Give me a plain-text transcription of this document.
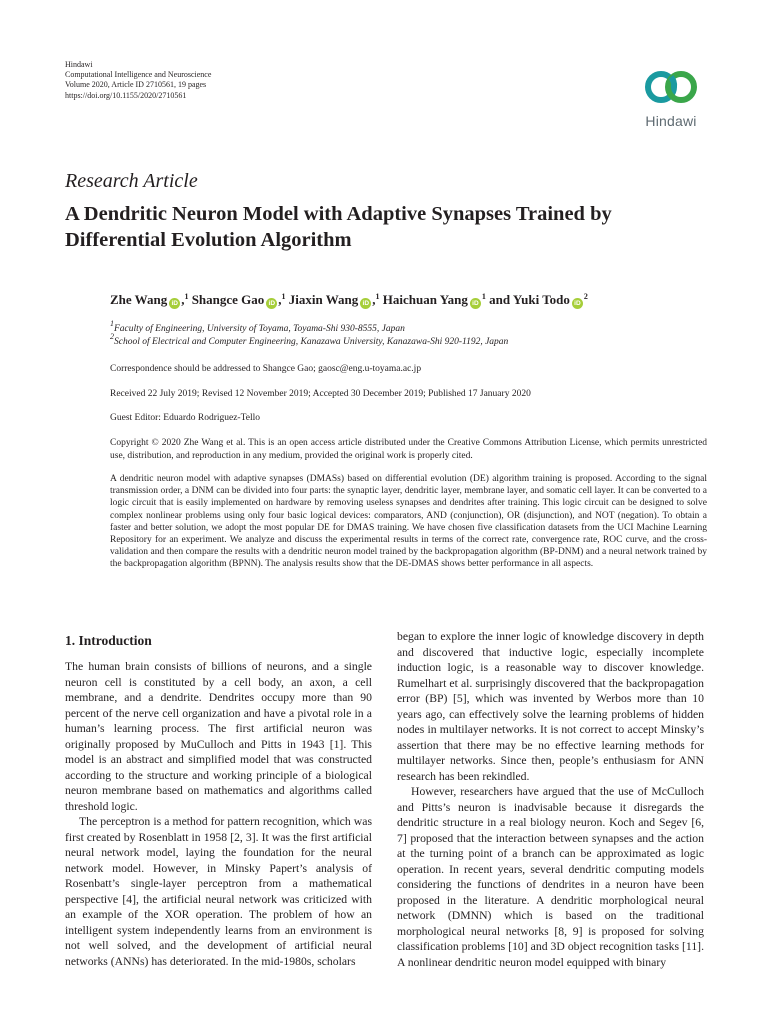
Hindawi
Computational Intelligence and Neuroscience
Volume 2020, Article ID 2710561, 19 pages
https://doi.org/10.1155/2020/2710561
Hindawi
Research Article
A Dendritic Neuron Model with Adaptive Synapses Trained by Differential Evolution Algorithm
Zhe Wang iD ,$^1$ Shangce Gao iD ,$^1$ Jiaxin Wang iD ,$^1$ Haichuan Yang $iD^1$ and Yuki Todo $iD^2$
$^1$Faculty of Engineering, University of Toyama, Toyama-Shi 930-8555, Japan
$^2$School of Electrical and Computer Engineering, Kanazawa University, Kanazawa-Shi 920-1192, Japan
Correspondence should be addressed to Shangce Gao; gaosc@eng.u-toyama.ac.jp
Received 22 July 2019; Revised 12 November 2019; Accepted 30 December 2019; Published 17 January 2020
Guest Editor: Eduardo Rodriguez-Tello
Copyright © 2020 Zhe Wang et al. This is an open access article distributed under the Creative Commons Attribution License, which permits unrestricted use, distribution, and reproduction in any medium, provided the original work is properly cited.
A dendritic neuron model with adaptive synapses (DMASs) based on differential evolution (DE) algorithm training is proposed. According to the signal transmission order, a DNM can be divided into four parts: the synaptic layer, dendritic layer, membrane layer, and somatic cell layer. It can be converted to a logic circuit that is easily implemented on hardware by removing useless synapses and dendrites after training. This logic circuit can be designed to solve complex nonlinear problems using only four basic logical devices: comparators, AND (conjunction), OR (disjunction), and NOT (negation). To obtain a faster and better solution, we adopt the most popular DE for DMAS training. We have chosen five classification datasets from the UCI Machine Learning Repository for an experiment. We analyze and discuss the experimental results in terms of the correct rate, convergence rate, ROC curve, and the cross-validation and then compare the results with a dendritic neuron model trained by the backpropagation algorithm (BP-DNM) and a neural network trained by the backpropagation algorithm (BPNN). The analysis results show that the DE-DMAS shows better performance in all aspects.
1. Introduction

The human brain consists of billions of neurons, and a single neuron cell is constituted by a cell body, an axon, a cell membrane, and a dendrite. Dendrites occupy more than 90 percent of the nerve cell organization and have a pivotal role in a human’s learning process. The first artificial neuron was originally proposed by MuCulloch and Pitts in 1943 [1]. This model is an abstract and simplified model that was constructed according to the structure and working principle of a biological neuron membrane based on mathematics and algorithms called threshold logic.

The perceptron is a method for pattern recognition, which was first created by Rosenblatt in 1958 [2, 3]. It was the first artificial neural network model, laying the foundation for the neural network model. However, in Minsky Papert’s analysis of Rosenbatt’s single-layer perceptron from a mathematical perspective [4], the artificial neural network was criticized with an example of the XOR operation. The problem of how an intelligent system independently learns from an environment is not well solved, and the development of artificial neural networks (ANNs) has deteriorated. In the mid-1980s, scholars

began to explore the inner logic of knowledge discovery in depth and discovered that inductive logic, especially incomplete induction logic, is a reasonable way to discover knowledge. Rumelhart et al. surprisingly discovered that the backpropagation error (BP) [5], which was invented by Werbos more than 10 years ago, can effectively solve the learning problems of hidden nodes in multilayer networks. It is not correct to accept Minsky’s assertion that there may be no effective learning methods for multilayer networks. Since then, people’s enthusiasm for ANN research has been rekindled.

However, researchers have argued that the use of McCulloch and Pitts’s neuron is inadvisable because it disregards the dendritic structure in a real biology neuron. Koch and Segev [6, 7] proposed that the interaction between synapses and the action at the turning point of a branch can be approximated as logic operation. In recent years, several dendritic computing models considering the functions of dendrites in a neuron have been proposed in the literature. A dendritic morphological neural network (DMNN) which is based on the traditional morphological neural networks [8, 9] is proposed for solving classification problems [10] and 3D object recognition tasks [11]. A nonlinear dendritic neuron model equipped with binary
